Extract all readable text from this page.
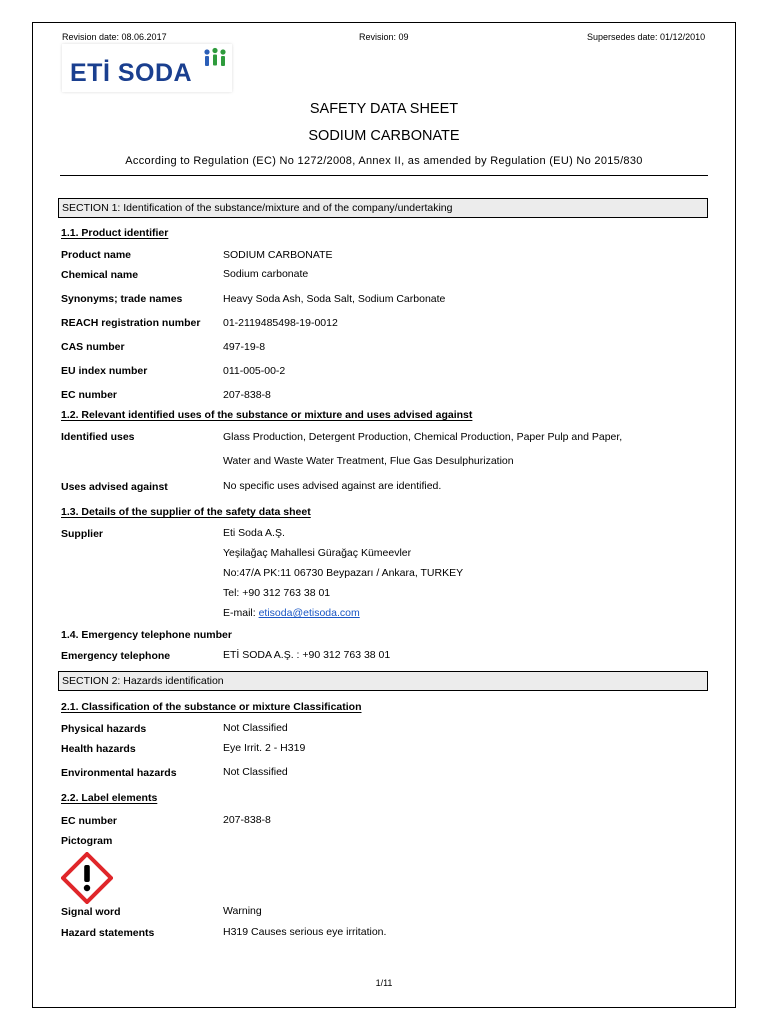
Revision date: 08.06.2017	Revision: 09	Supersedes date: 01/12/2010
ETİ SODA
SAFETY DATA SHEET
SODIUM CARBONATE
According to Regulation (EC) No 1272/2008, Annex II, as amended by Regulation (EU) No 2015/830
SECTION 1: Identification of the substance/mixture and of the company/undertaking
1.1. Product identifier
Product name	SODIUM CARBONATE
Chemical name	Sodium carbonate
Synonyms; trade names	Heavy Soda Ash, Soda Salt, Sodium Carbonate
REACH registration number 01-2119485498-19-0012
CAS number	497-19-8
EU index number	011-005-00-2
EC number	207-838-8
1.2. Relevant identified uses of the substance or mixture and uses advised against
Identified uses	Glass Production, Detergent Production, Chemical Production, Paper Pulp and Paper,
Water and Waste Water Treatment, Flue Gas Desulphurization
Uses advised against	No specific uses advised against are identified.
1.3. Details of the supplier of the safety data sheet
Supplier	Eti Soda A.Ş.
Yeşilağaç Mahallesi Gürağaç Kümeevler
No:47/A PK:11 06730 Beypazarı / Ankara, TURKEY
Tel: +90 312 763 38 01
E-mail: etisoda@etisoda.com
1.4. Emergency telephone number
Emergency telephone	ETİ SODA A.Ş. : +90 312 763 38 01
SECTION 2: Hazards identification
2.1. Classification of the substance or mixture Classification
Physical hazards	Not Classified
Health hazards	Eye Irrit. 2 - H319
Environmental hazards	Not Classified
2.2. Label elements
EC number	207-838-8
Pictogram
Signal word	Warning
Hazard statements	H319 Causes serious eye irritation.
1/11
